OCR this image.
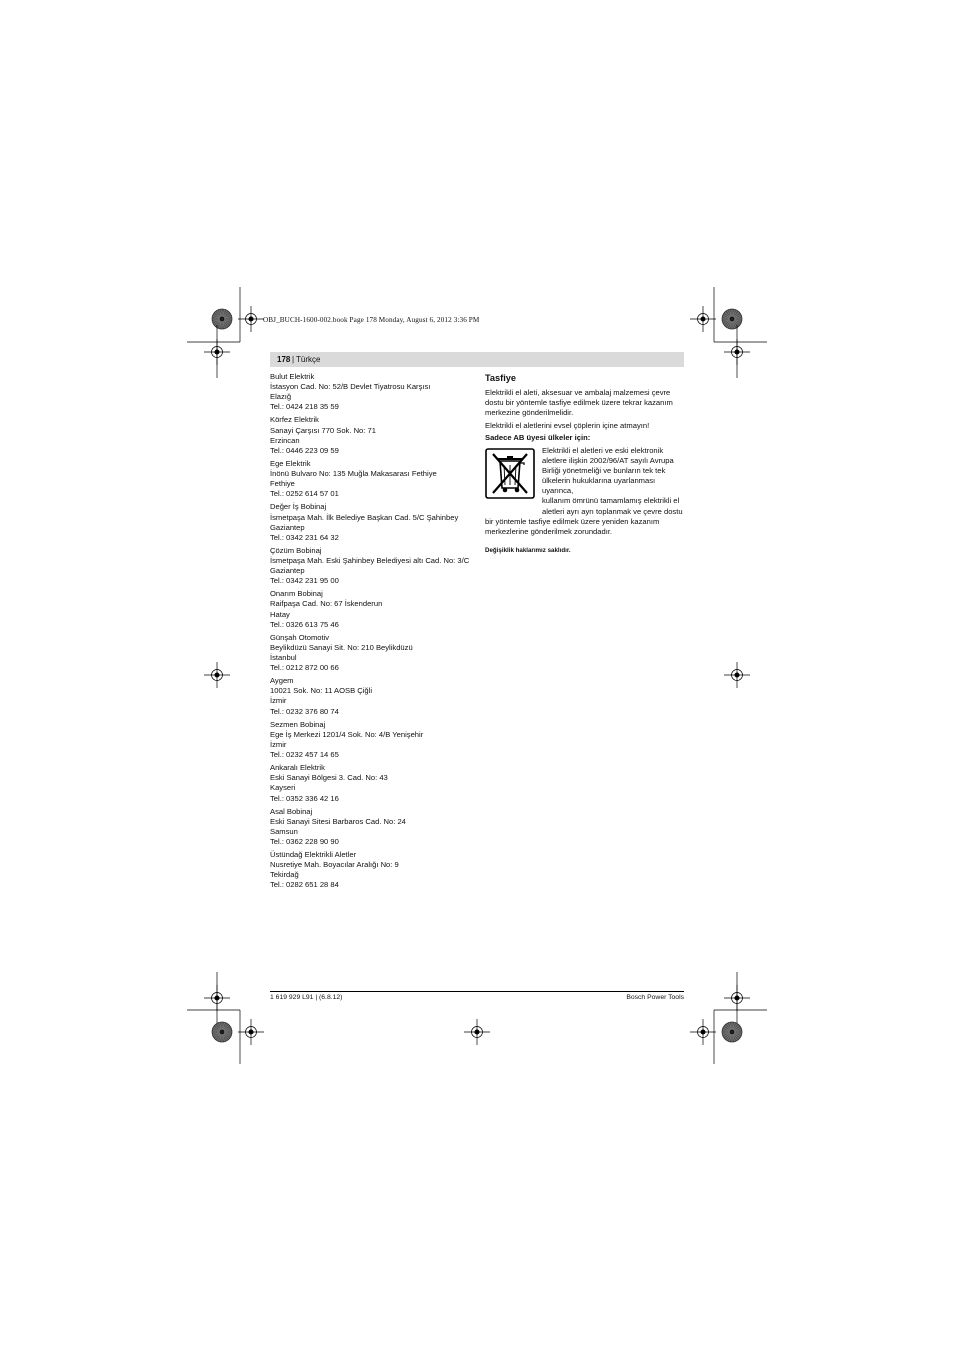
OBJ_BUCH-1600-002.book Page 178 Monday, August 6, 2012 3:36 PM
178 | Türkçe
Bulut Elektrik
İstasyon Cad. No: 52/B Devlet Tiyatrosu Karşısı
Elazığ
Tel.: 0424 218 35 59
Körfez Elektrik
Sanayi Çarşısı 770 Sok. No: 71
Erzincan
Tel.: 0446 223 09 59
Ege Elektrik
İnönü Bulvaro No: 135 Muğla Makasarası Fethiye
Fethiye
Tel.: 0252 614 57 01
Değer İş Bobinaj
İsmetpaşa Mah. İlk Belediye Başkan Cad. 5/C Şahinbey
Gaziantep
Tel.: 0342 231 64 32
Çözüm Bobinaj
İsmetpaşa Mah. Eski Şahinbey Belediyesi altı Cad. No: 3/C
Gaziantep
Tel.: 0342 231 95 00
Onarım Bobinaj
Raifpaşa Cad. No: 67 İskenderun
Hatay
Tel.: 0326 613 75 46
Günşah Otomotiv
Beylikdüzü Sanayi Sit. No: 210 Beylikdüzü
İstanbul
Tel.: 0212 872 00 66
Aygem
10021 Sok. No: 11 AOSB Çiğli
İzmir
Tel.: 0232 376 80 74
Sezmen Bobinaj
Ege İş Merkezi 1201/4 Sok. No: 4/B Yenişehir
İzmir
Tel.: 0232 457 14 65
Ankaralı Elektrik
Eski Sanayi Bölgesi 3. Cad. No: 43
Kayseri
Tel.: 0352 336 42 16
Asal Bobinaj
Eski Sanayi Sitesi Barbaros Cad. No: 24
Samsun
Tel.: 0362 228 90 90
Üstündağ Elektrikli Aletler
Nusretiye Mah. Boyacılar Aralığı No: 9
Tekirdağ
Tel.: 0282 651 28 84
Tasfiye
Elektrikli el aleti, aksesuar ve ambalaj malzemesi çevre dostu bir yöntemle tasfiye edilmek üzere tekrar kazanım merkezine gönderilmelidir.
Elektrikli el aletlerini evsel çöplerin içine atmayın!
Sadece AB üyesi ülkeler için:
Elektrikli el aletleri ve eski elektronik
aletlere ilişkin 2002/96/AT sayılı Avrupa
Birliği yönetmeliği ve bunların tek tek
ülkelerin hukuklarına uyarlanması uyarınca,
kullanım ömrünü tamamlamış elektrikli el
aletleri ayrı ayrı toplanmak ve çevre dostu
bir yöntemle tasfiye edilmek üzere yeniden kazanım merkezlerine gönderilmek zorundadır.
Değişiklik haklarımız saklıdır.
1 619 929 L91 | (6.8.12)	Bosch Power Tools
